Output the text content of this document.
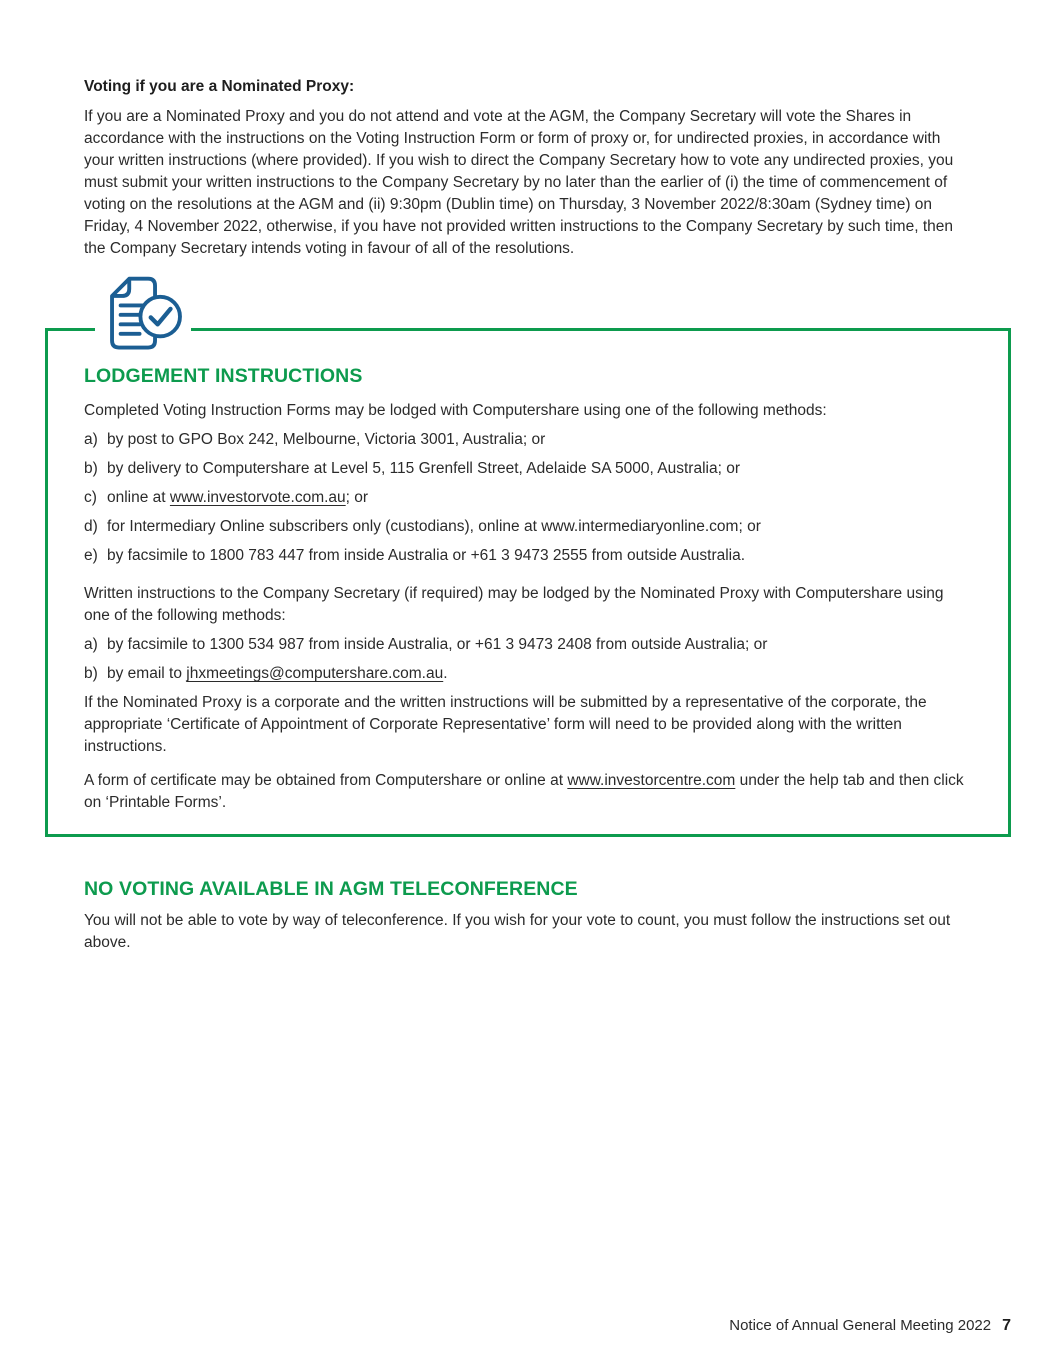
Voting if you are a Nominated Proxy:

If you are a Nominated Proxy and you do not attend and vote at the AGM, the Company Secretary will vote the Shares in accordance with the instructions on the Voting Instruction Form or form of proxy or, for undirected proxies, in accordance with your written instructions (where provided). If you wish to direct the Company Secretary how to vote any undirected proxies, you must submit your written instructions to the Company Secretary by no later than the earlier of (i) the time of commencement of voting on the resolutions at the AGM and (ii) 9:30pm (Dublin time) on Thursday, 3 November 2022/8:30am (Sydney time) on Friday, 4 November 2022, otherwise, if you have not provided written instructions to the Company Secretary by such time, then the Company Secretary intends voting in favour of all of the resolutions.

LODGEMENT INSTRUCTIONS

Completed Voting Instruction Forms may be lodged with Computershare using one of the following methods:

a) by post to GPO Box 242, Melbourne, Victoria 3001, Australia; or
b) by delivery to Computershare at Level 5, 115 Grenfell Street, Adelaide SA 5000, Australia; or
c) online at www.investorvote.com.au; or
d) for Intermediary Online subscribers only (custodians), online at www.intermediaryonline.com; or
e) by facsimile to 1800 783 447 from inside Australia or +61 3 9473 2555 from outside Australia.

Written instructions to the Company Secretary (if required) may be lodged by the Nominated Proxy with Computershare using one of the following methods:

a) by facsimile to 1300 534 987 from inside Australia, or +61 3 9473 2408 from outside Australia; or
b) by email to jhxmeetings@computershare.com.au.

If the Nominated Proxy is a corporate and the written instructions will be submitted by a representative of the corporate, the appropriate ‘Certificate of Appointment of Corporate Representative’ form will need to be provided along with the written instructions.

A form of certificate may be obtained from Computershare or online at www.investorcentre.com under the help tab and then click on ‘Printable Forms’.

NO VOTING AVAILABLE IN AGM TELECONFERENCE

You will not be able to vote by way of teleconference. If you wish for your vote to count, you must follow the instructions set out above.

Notice of Annual General Meeting 2022 7
